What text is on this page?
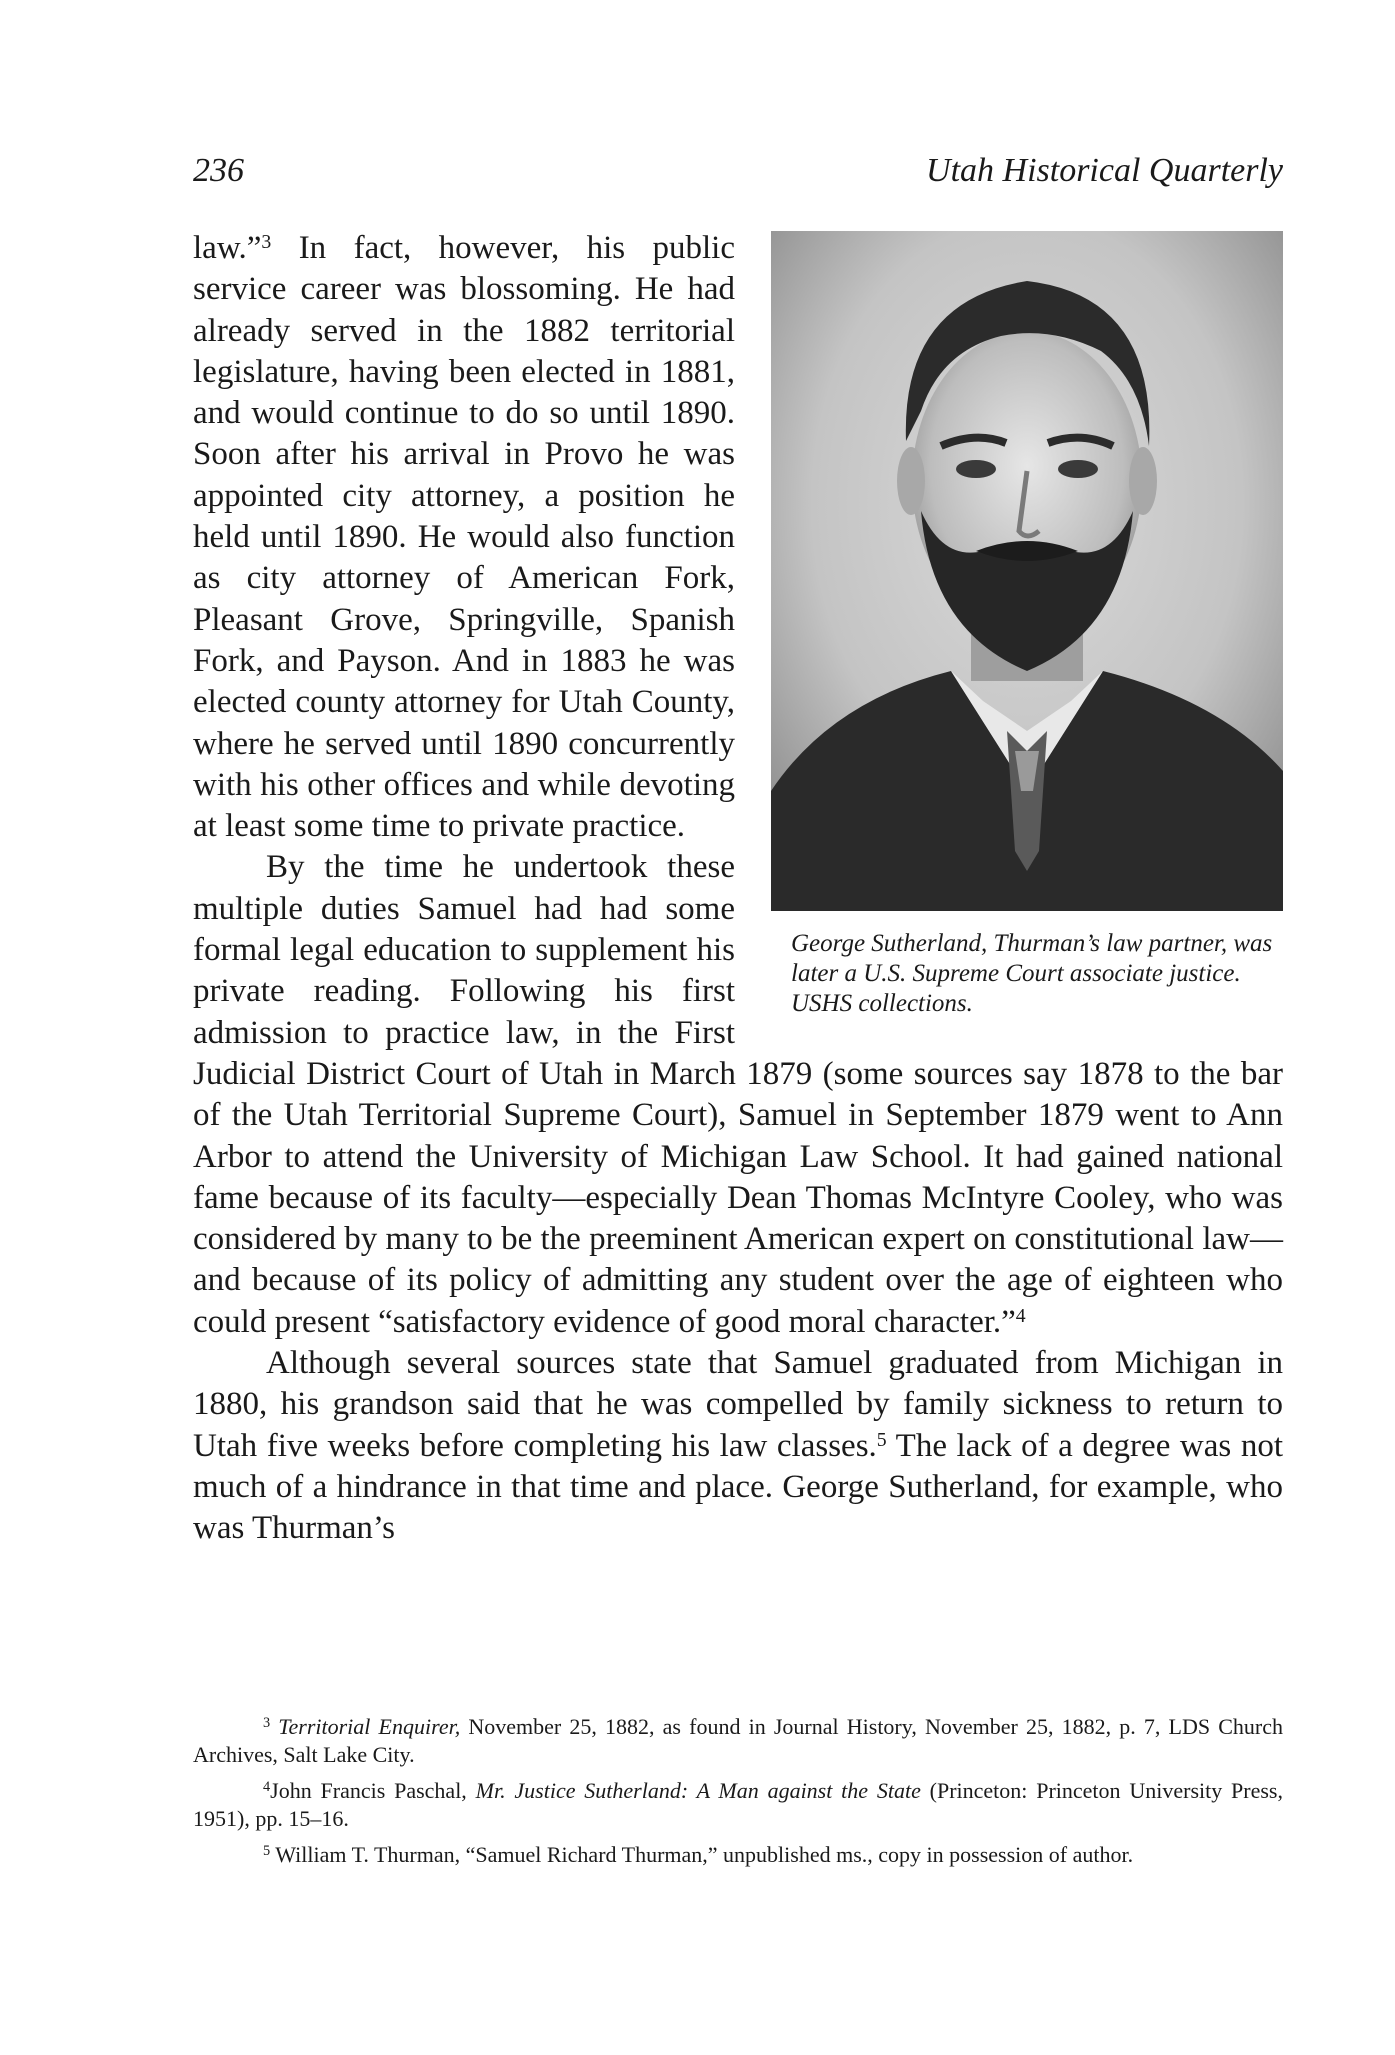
236	Utah Historical Quarterly
George Sutherland, Thurman’s law partner, was later a U.S. Supreme Court associate justice. USHS collections.

law.”$^3$ In fact, however, his public service career was blossoming. He had already served in the 1882 territorial legislature, having been elected in 1881, and would continue to do so until 1890. Soon after his arrival in Provo he was appointed city attorney, a position he held until 1890. He would also function as city attorney of American Fork, Pleasant Grove, Springville, Spanish Fork, and Payson. And in 1883 he was elected county attorney for Utah County, where he served until 1890 concurrently with his other offices and while devoting at least some time to private practice.

By the time he undertook these multiple duties Samuel had had some formal legal education to supplement his private reading. Following his first admission to practice law, in the First Judicial District Court of Utah in March 1879 (some sources say 1878 to the bar of the Utah Territorial Supreme Court), Samuel in September 1879 went to Ann Arbor to attend the University of Michigan Law School. It had gained national fame because of its faculty—especially Dean Thomas McIntyre Cooley, who was considered by many to be the preeminent American expert on constitutional law—and because of its policy of admitting any student over the age of eighteen who could present “satisfactory evidence of good moral character.”$^4$

Although several sources state that Samuel graduated from Michigan in 1880, his grandson said that he was compelled by family sickness to return to Utah five weeks before completing his law classes.$^5$ The lack of a degree was not much of a hindrance in that time and place. George Sutherland, for example, who was Thurman’s

$^3$ Territorial Enquirer, November 25, 1882, as found in Journal History, November 25, 1882, p. 7, LDS Church Archives, Salt Lake City.

$^4$John Francis Paschal, Mr. Justice Sutherland: A Man against the State (Princeton: Princeton University Press, 1951), pp. 15–16.

$^5$ William T. Thurman, “Samuel Richard Thurman,” unpublished ms., copy in possession of author.
